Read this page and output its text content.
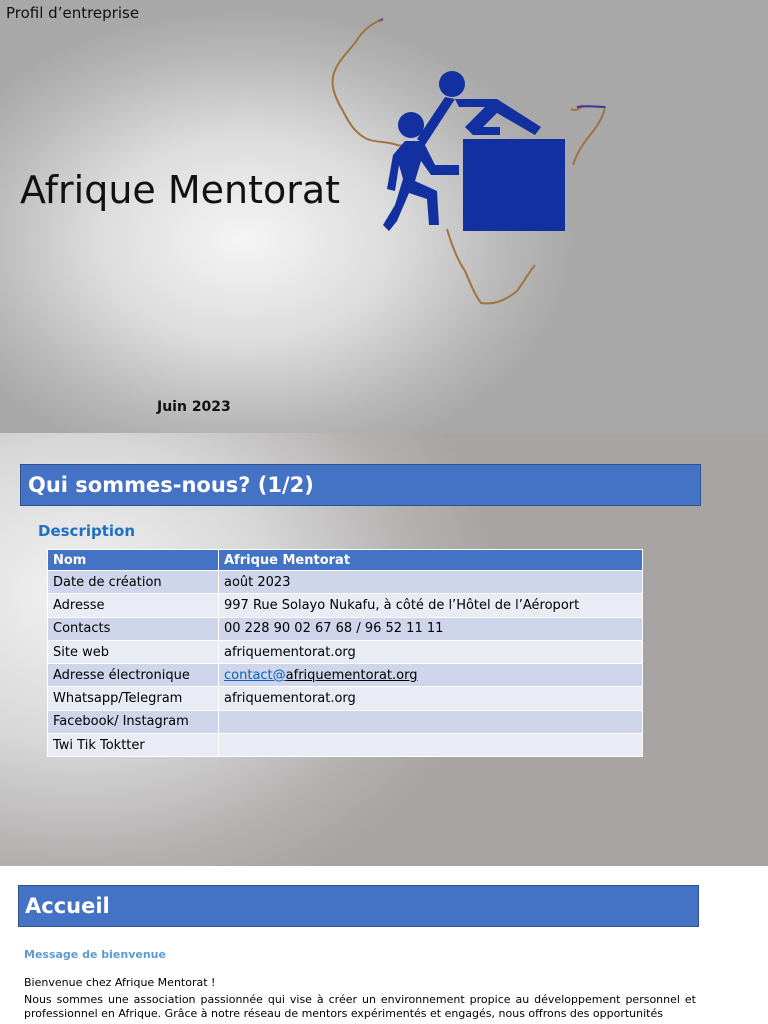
Profil d’entreprise
Afrique Mentorat
Juin 2023
Qui sommes-nous? (1/2)
Description
Nom	Afrique Mentorat
Date de création	août 2023
Adresse	997 Rue Solayo Nukafu, à côté de l’Hôtel de l’Aéroport
Contacts	00 228 90 02 67 68 / 96 52 11 11
Site web	afriquementorat.org
Adresse électronique	contact@afriquementorat.org
Whatsapp/Telegram	afriquementorat.org
Facebook/ Instagram	
Twi Tik Toktter	
Accueil
Message de bienvenue
Bienvenue chez Afrique Mentorat !
Nous sommes une association passionnée qui vise à créer un environnement propice au développement personnel et professionnel en Afrique. Grâce à notre réseau de mentors expérimentés et engagés, nous offrons des opportunités
